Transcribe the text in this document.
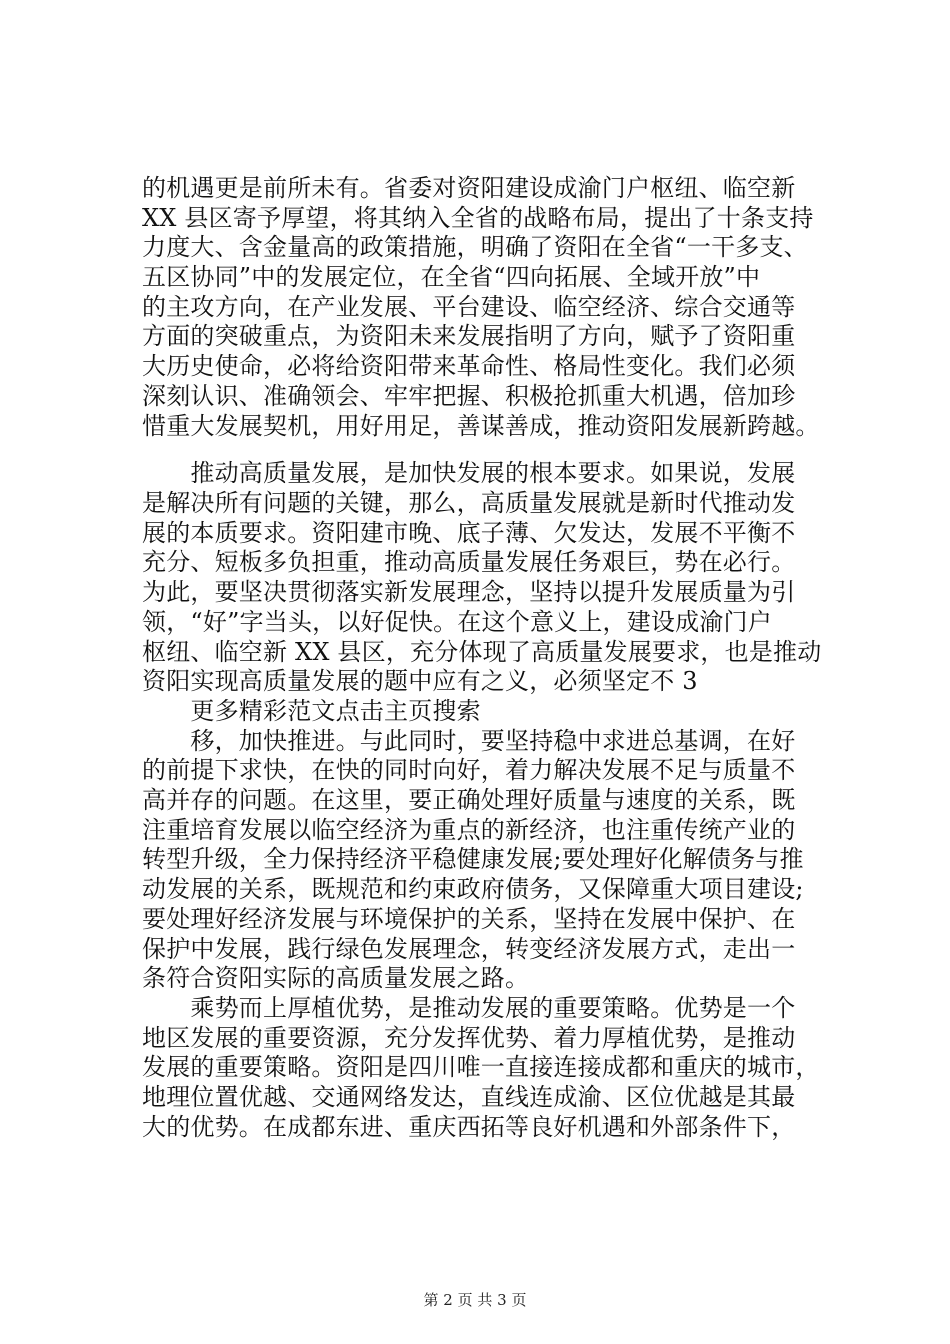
的机遇更是前所未有。省委对资阳建设成渝门户枢纽、临空新
XX 县区寄予厚望，将其纳入全省的战略布局，提出了十条支持
力度大、含金量高的政策措施，明确了资阳在全省“一干多支、
五区协同”中的发展定位，在全省“四向拓展、全域开放”中
的主攻方向，在产业发展、平台建设、临空经济、综合交通等
方面的突破重点，为资阳未来发展指明了方向，赋予了资阳重
大历史使命，必将给资阳带来革命性、格局性变化。我们必须
深刻认识、准确领会、牢牢把握、积极抢抓重大机遇，倍加珍
惜重大发展契机，用好用足，善谋善成，推动资阳发展新跨越。
　　推动高质量发展，是加快发展的根本要求。如果说，发展
是解决所有问题的关键，那么，高质量发展就是新时代推动发
展的本质要求。资阳建市晚、底子薄、欠发达，发展不平衡不
充分、短板多负担重，推动高质量发展任务艰巨，势在必行。
为此，要坚决贯彻落实新发展理念，坚持以提升发展质量为引
领，“好”字当头，以好促快。在这个意义上，建设成渝门户
枢纽、临空新 XX 县区，充分体现了高质量发展要求，也是推动
资阳实现高质量发展的题中应有之义，必须坚定不 3
　　更多精彩范文点击主页搜索
　　移，加快推进。与此同时，要坚持稳中求进总基调，在好
的前提下求快，在快的同时向好，着力解决发展不足与质量不
高并存的问题。在这里，要正确处理好质量与速度的关系，既
注重培育发展以临空经济为重点的新经济，也注重传统产业的
转型升级，全力保持经济平稳健康发展;要处理好化解债务与推
动发展的关系，既规范和约束政府债务，又保障重大项目建设;
要处理好经济发展与环境保护的关系，坚持在发展中保护、在
保护中发展，践行绿色发展理念，转变经济发展方式，走出一
条符合资阳实际的高质量发展之路。
　　乘势而上厚植优势，是推动发展的重要策略。优势是一个
地区发展的重要资源，充分发挥优势、着力厚植优势，是推动
发展的重要策略。资阳是四川唯一直接连接成都和重庆的城市，
地理位置优越、交通网络发达，直线连成渝、区位优越是其最
大的优势。在成都东进、重庆西拓等良好机遇和外部条件下，
第 2 页 共 3 页
